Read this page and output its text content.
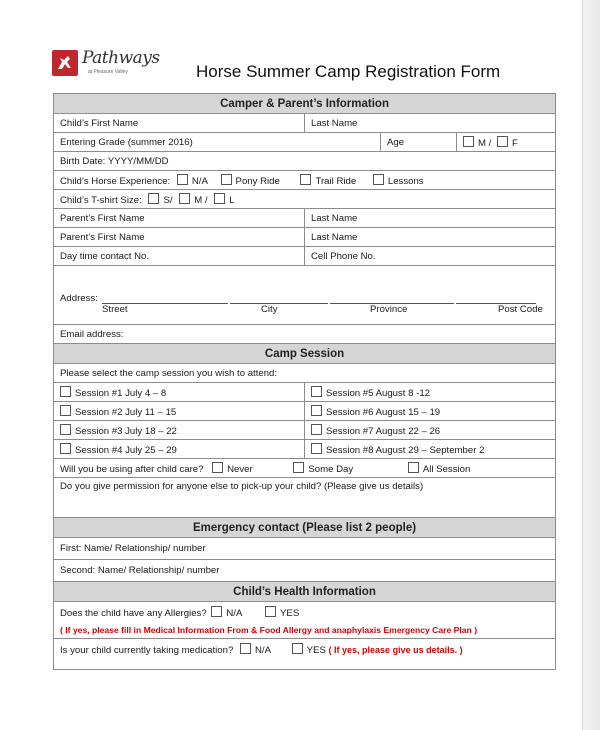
Pathways
at Pleasure Valley	Horse Summer Camp Registration Form
Camper & Parent’s Information			
Child’s First Name	Last Name		
Entering Grade (summer 2016)		Age	M / F
Birth Date: YYYY/MM/DD			
Child’s Horse Experience: N/A Pony Ride Trail Ride Lessons			
Child’s T-shirt Size: S/ M / L			
Parent’s First Name	Last Name		
Parent’s First Name	Last Name		
Day time contact No.	Cell Phone No.		

Address:
Street City Province Post Code			

Email address:			
Camp Session			
Please select the camp session you wish to attend:			
Session #1 July 4 – 8	Session #5 August 8 -12		
Session #2 July 11 – 15	Session #6 August 15 – 19		
Session #3 July 18 – 22	Session #7 August 22 – 26		
Session #4 July 25 – 29	Session #8 August 29 – September 2		
Will you be using after child care? Never Some Day All Session			
Do you give permission for anyone else to pick-up your child? (Please give us details)			
Emergency contact (Please list 2 people)			
First: Name/ Relationship/ number			
Second: Name/ Relationship/ number			
Child’s Health Information			

Does the child have any Allergies? N/A YES
( If yes, please fill in Medical Information From & Food Allergy and anaphylaxis Emergency Care Plan )			

Is your child currently taking medication? N/A YES ( If yes, please give us details. )			
